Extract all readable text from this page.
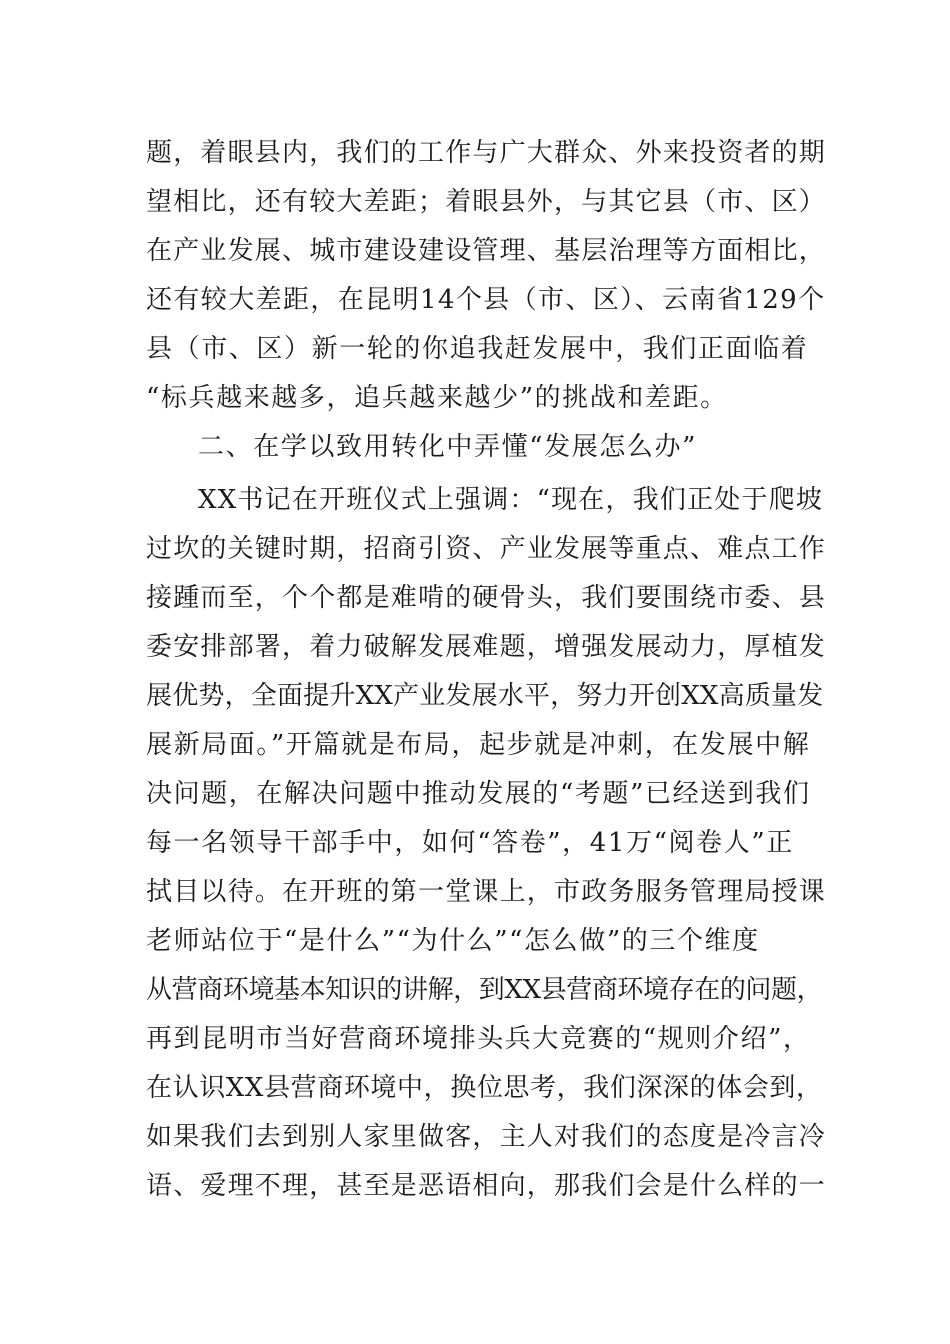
题，着眼县内，我们的工作与广大群众、外来投资者的期
望相比，还有较大差距；着眼县外，与其它县（市、区）
在产业发展、城市建设建设管理、基层治理等方面相比，
还有较大差距，在昆明14个县（市、区）、云南省129个
县（市、区）新一轮的你追我赶发展中，我们正面临着
“标兵越来越多，追兵越来越少”的挑战和差距。
二、在学以致用转化中弄懂“发展怎么办”
XX书记在开班仪式上强调：“现在，我们正处于爬坡
过坎的关键时期，招商引资、产业发展等重点、难点工作
接踵而至，个个都是难啃的硬骨头，我们要围绕市委、县
委安排部署，着力破解发展难题，增强发展动力，厚植发
展优势，全面提升XX产业发展水平，努力开创XX高质量发
展新局面。”开篇就是布局，起步就是冲刺，在发展中解
决问题，在解决问题中推动发展的“考题”已经送到我们
每一名领导干部手中，如何“答卷”，41万“阅卷人”正
拭目以待。在开班的第一堂课上，市政务服务管理局授课
老师站位于“是什么”“为什么”“怎么做”的三个维度
从营商环境基本知识的讲解，到XX县营商环境存在的问题，
再到昆明市当好营商环境排头兵大竞赛的“规则介绍”，
在认识XX县营商环境中，换位思考，我们深深的体会到，
如果我们去到别人家里做客，主人对我们的态度是冷言冷
语、爱理不理，甚至是恶语相向，那我们会是什么样的一
